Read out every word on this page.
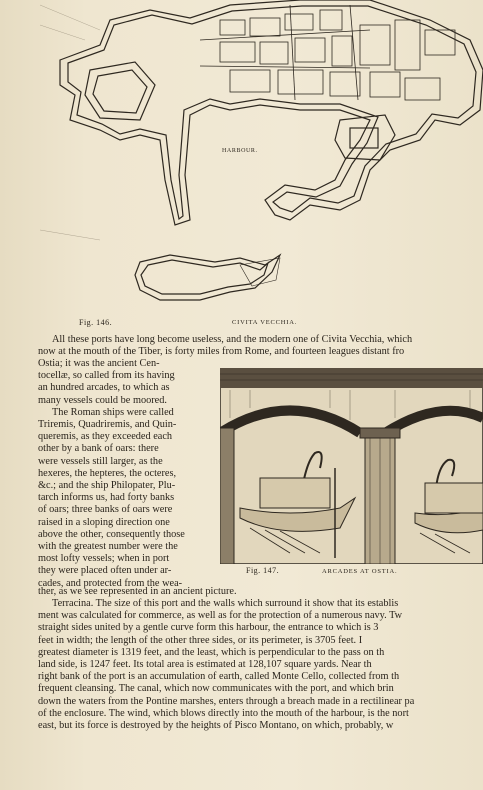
HARBOUR.
Fig. 146.	CIVITA VECCHIA.
All these ports have long become useless, and the modern one of Civita Vecchia, which
now at the mouth of the Tiber, is forty miles from Rome, and fourteen leagues distant fro
Ostia; it was the ancient Cen-
tocellæ, so called from its having
an hundred arcades, to which as
many vessels could be moored.
The Roman ships were called
Triremis, Quadriremis, and Quin-
queremis, as they exceeded each
other by a bank of oars: there
were vessels still larger, as the
hexeres, the hepteres, the octeres,
&c.; and the ship Philopater, Plu-
tarch informs us, had forty banks
of oars; three banks of oars were
raised in a sloping direction one
above the other, consequently those
with the greatest number were the
most lofty vessels; when in port
they were placed often under ar-
cades, and protected from the wea-
ther, as we see represented in an ancient picture.
Fig. 147.	ARCADES AT OSTIA.
Terracina. The size of this port and the walls which surround it show that its establis
ment was calculated for commerce, as well as for the protection of a numerous navy. Tw
straight sides united by a gentle curve form this harbour, the entrance to which is 3
feet in width; the length of the other three sides, or its perimeter, is 3705 feet. I
greatest diameter is 1319 feet, and the least, which is perpendicular to the pass on th
land side, is 1247 feet. Its total area is estimated at 128,107 square yards. Near th
right bank of the port is an accumulation of earth, called Monte Cello, collected from th
frequent cleansing. The canal, which now communicates with the port, and which brin
down the waters from the Pontine marshes, enters through a breach made in a rectilinear pa
of the enclosure. The wind, which blows directly into the mouth of the harbour, is the nort
east, but its force is destroyed by the heights of Pisco Montano, on which, probably, w
